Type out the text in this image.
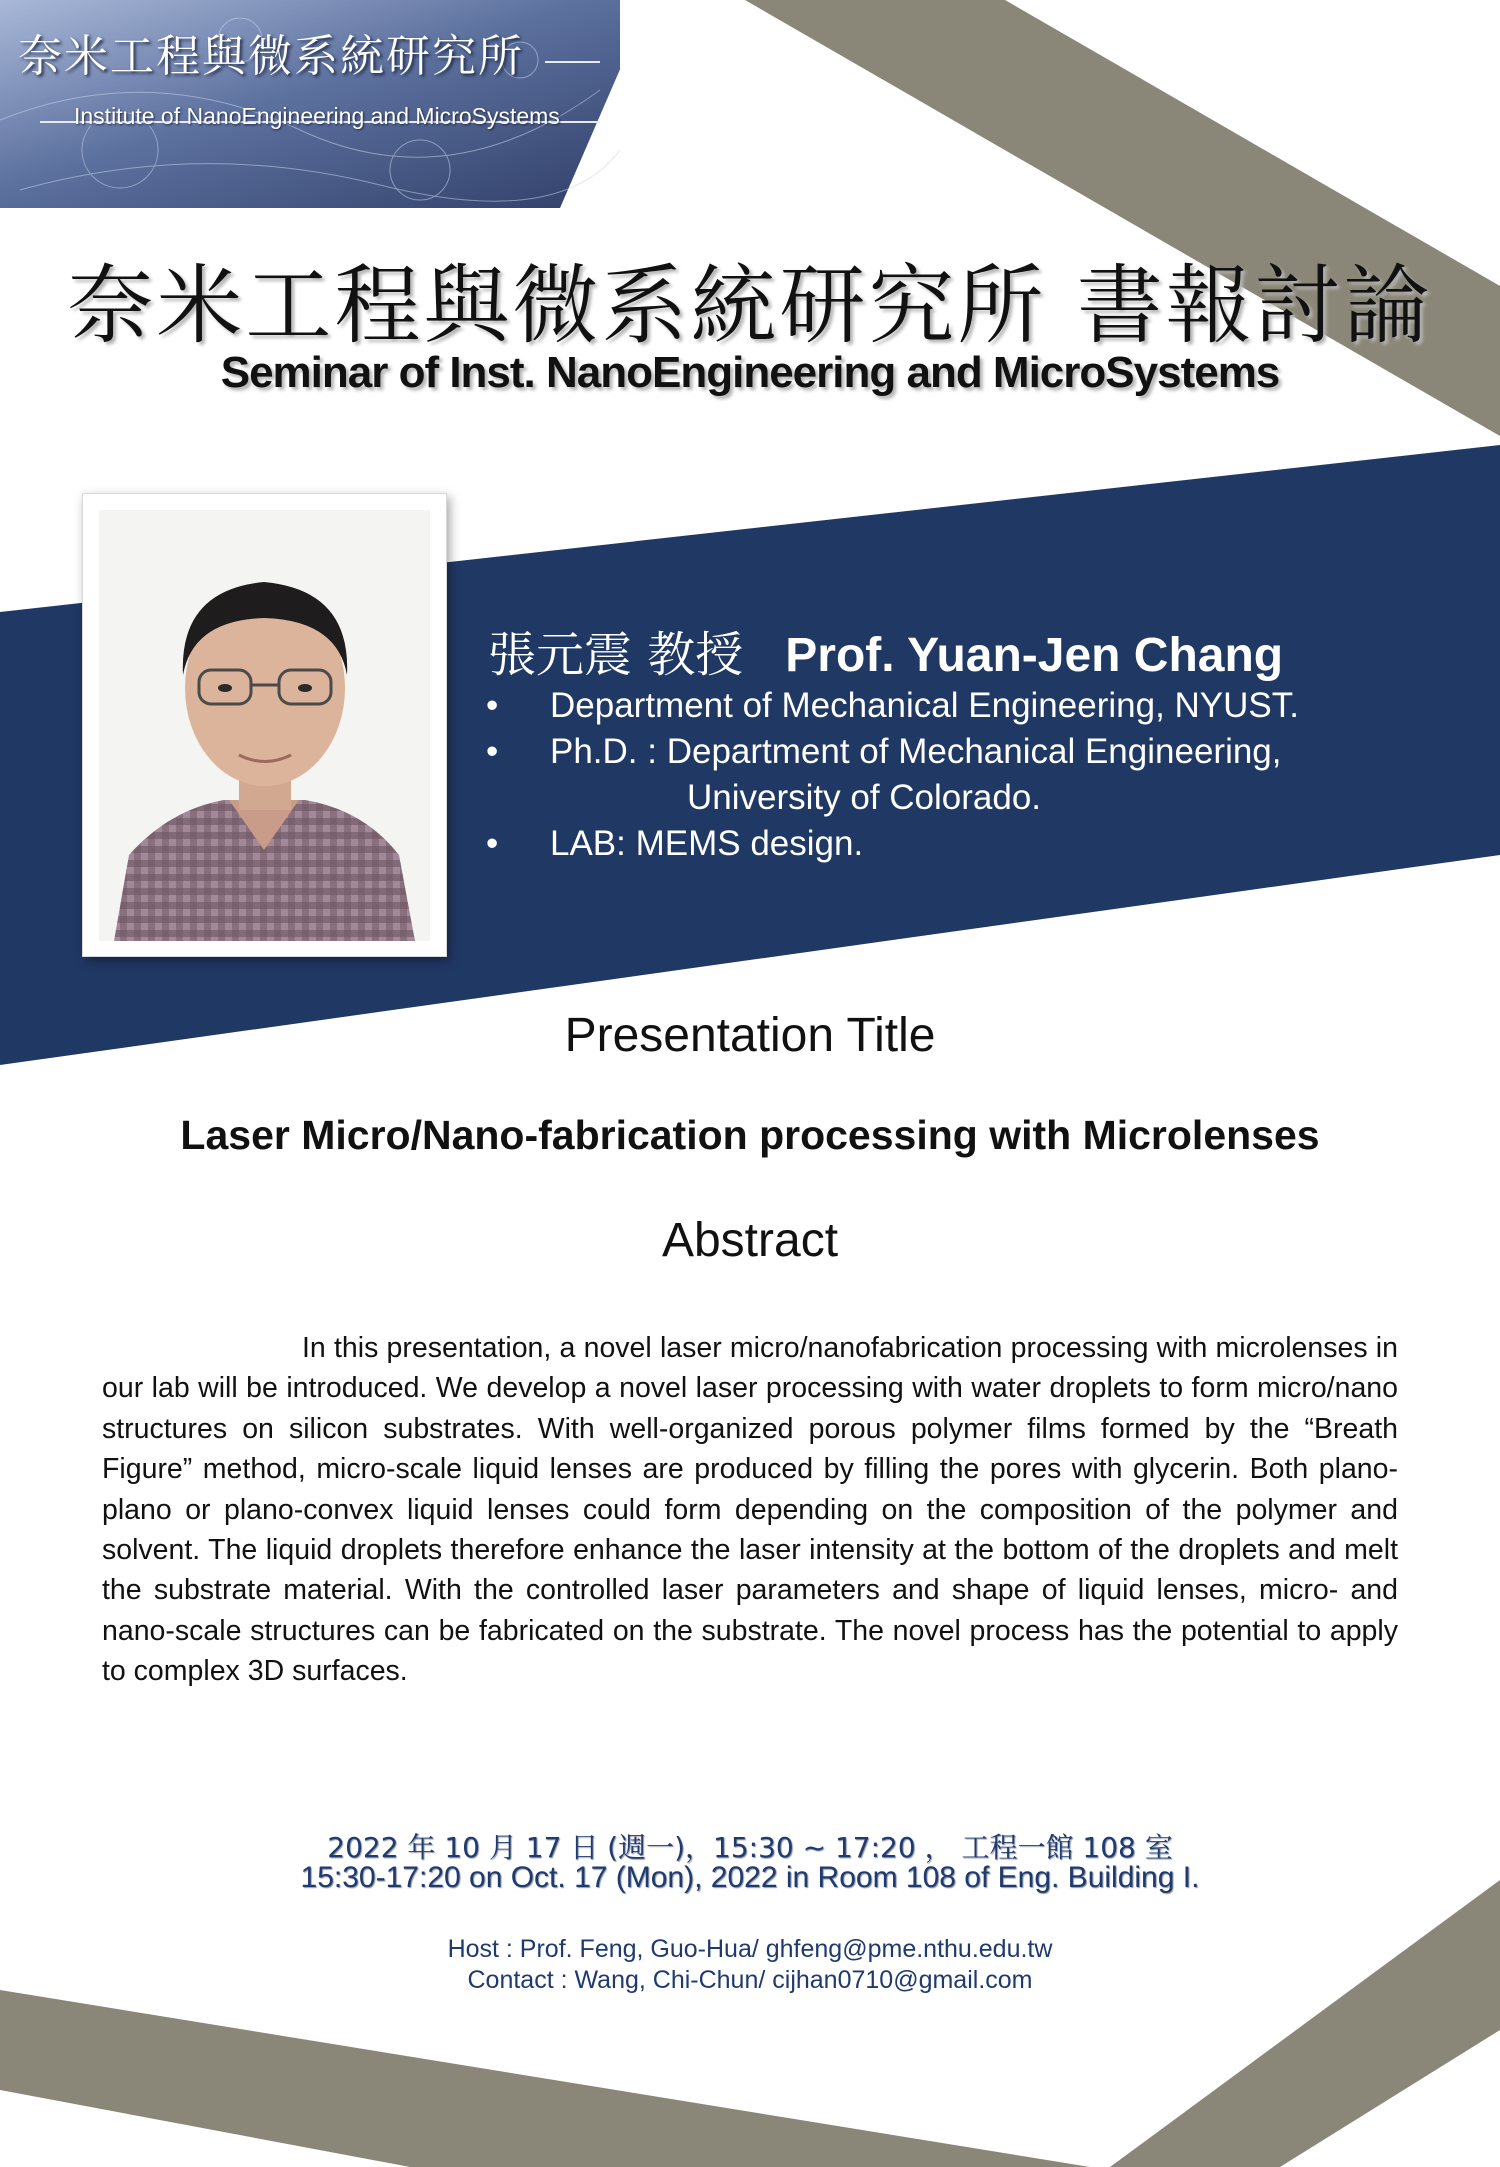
奈米工程與微系統研究所
Institute of NanoEngineering and MicroSystems
奈米工程與微系統研究所 書報討論
Seminar of Inst. NanoEngineering and MicroSystems
張元震 教授 Prof. Yuan-Jen Chang
• Department of Mechanical Engineering, NYUST.
• Ph.D. : Department of Mechanical Engineering,
University of Colorado.
• LAB: MEMS design.
Presentation Title
Laser Micro/Nano-fabrication processing with Microlenses
Abstract

In this presentation, a novel laser micro/nanofabrication processing with microlenses in our lab will be introduced. We develop a novel laser processing with water droplets to form micro/nano structures on silicon substrates. With well-organized porous polymer films formed by the “Breath Figure” method, micro-scale liquid lenses are produced by filling the pores with glycerin. Both plano-plano or plano-convex liquid lenses could form depending on the composition of the polymer and solvent. The liquid droplets therefore enhance the laser intensity at the bottom of the droplets and melt the substrate material. With the controlled laser parameters and shape of liquid lenses, micro- and nano-scale structures can be fabricated on the substrate. The novel process has the potential to apply to complex 3D surfaces.

2022 年 10 月 17 日 (週一)，15:30 ~ 17:20 ， 工程一館 108 室
15:30-17:20 on Oct. 17 (Mon), 2022 in Room 108 of Eng. Building I.
Host : Prof. Feng, Guo-Hua/ ghfeng@pme.nthu.edu.tw
Contact : Wang, Chi-Chun/ cijhan0710@gmail.com
